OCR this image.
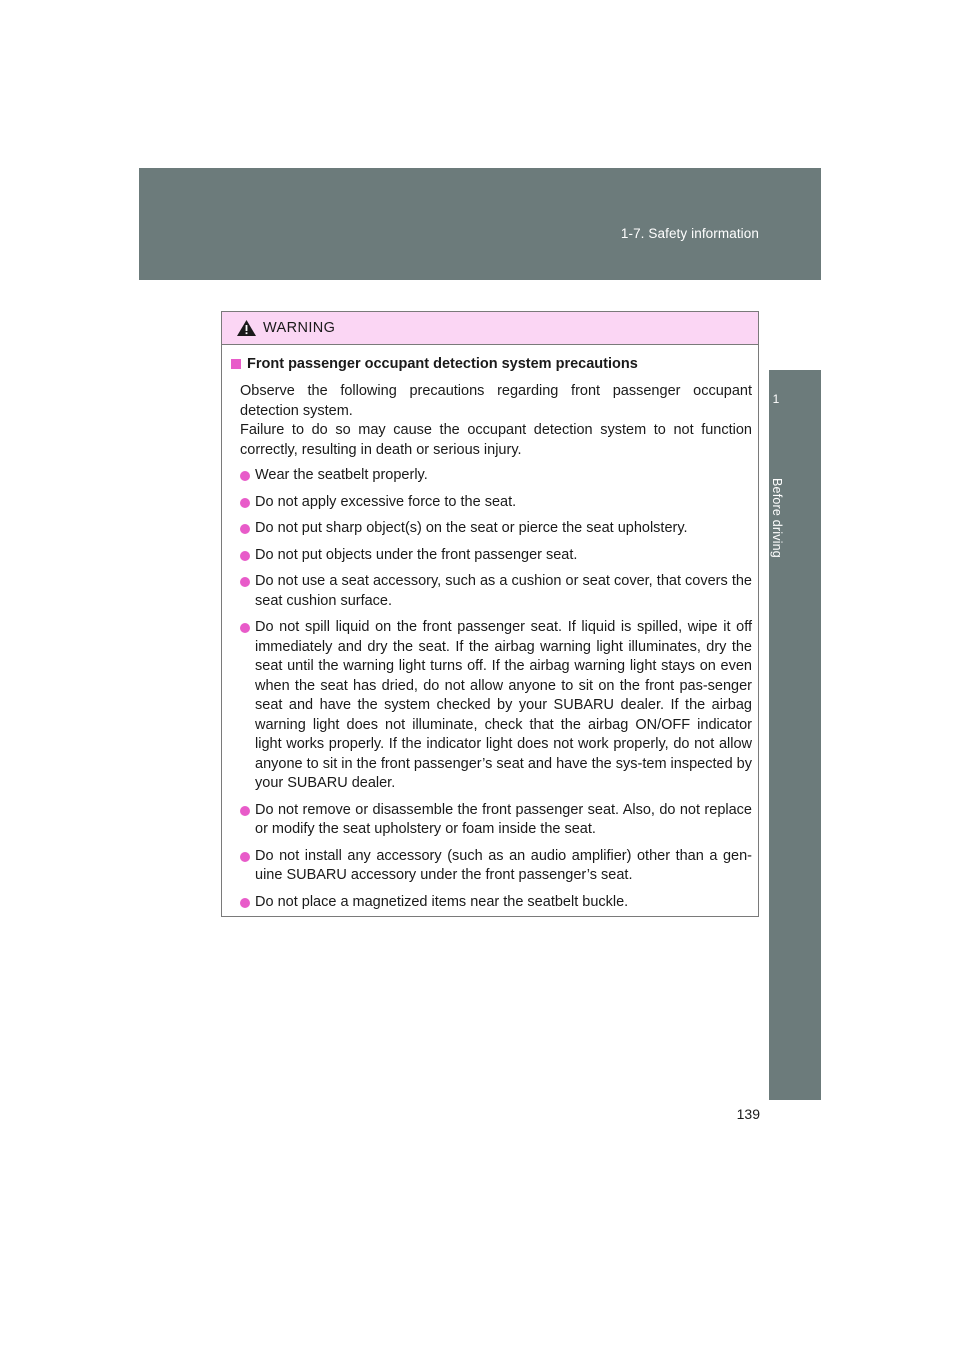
1-7. Safety information
1
Before driving
WARNING
Front passenger occupant detection system precautions
Observe the following precautions regarding front passenger occupant detection system.
Failure to do so may cause the occupant detection system to not function correctly, resulting in death or serious injury.
Wear the seatbelt properly.
Do not apply excessive force to the seat.
Do not put sharp object(s) on the seat or pierce the seat upholstery.
Do not put objects under the front passenger seat.
Do not use a seat accessory, such as a cushion or seat cover, that covers the seat cushion surface.
Do not spill liquid on the front passenger seat. If liquid is spilled, wipe it off immediately and dry the seat. If the airbag warning light illuminates, dry the seat until the warning light turns off. If the airbag warning light stays on even when the seat has dried, do not allow anyone to sit on the front pas-senger seat and have the system checked by your SUBARU dealer. If the airbag warning light does not illuminate, check that the airbag ON/OFF indicator light works properly. If the indicator light does not work properly, do not allow anyone to sit in the front passenger’s seat and have the sys-tem inspected by your SUBARU dealer.
Do not remove or disassemble the front passenger seat. Also, do not replace or modify the seat upholstery or foam inside the seat.
Do not install any accessory (such as an audio amplifier) other than a gen-uine SUBARU accessory under the front passenger’s seat.
Do not place a magnetized items near the seatbelt buckle.
139
